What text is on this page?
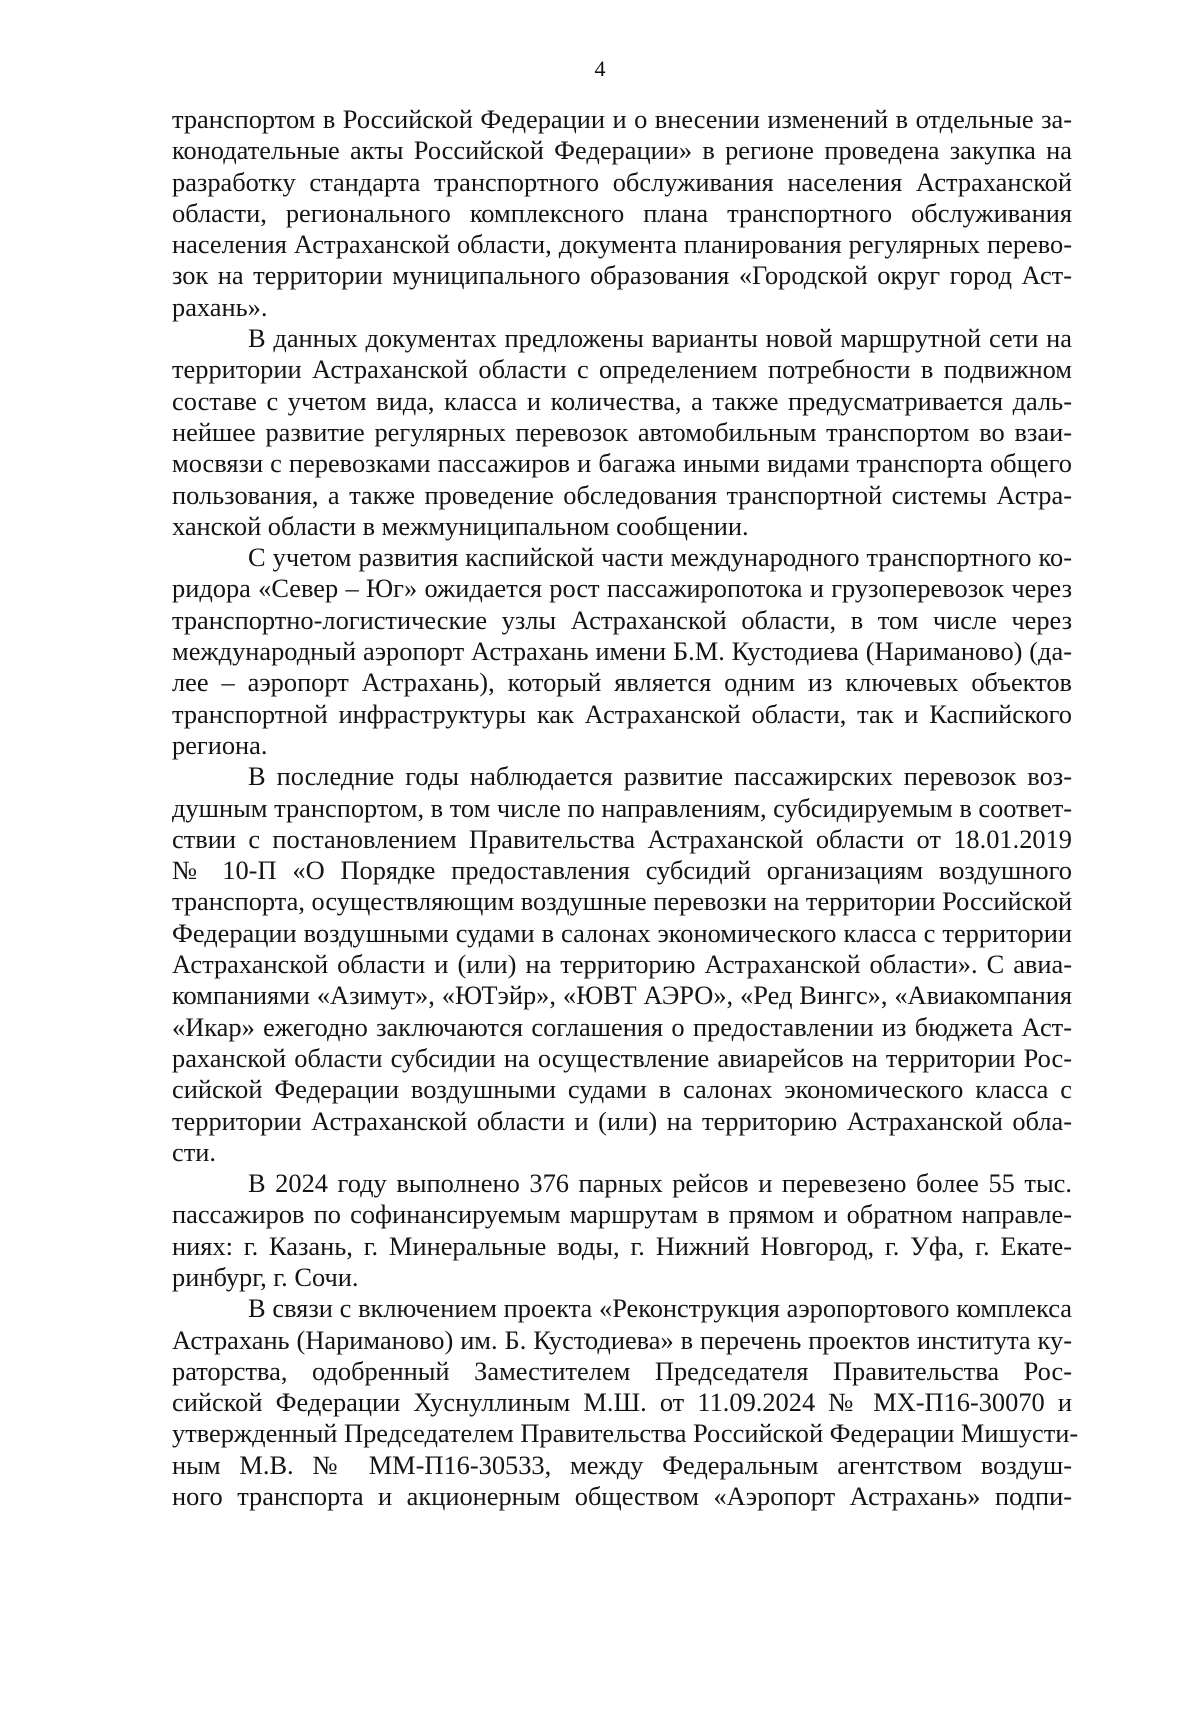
4
транспортом в Российской Федерации и о внесении изменений в отдельные за-
конодательные акты Российской Федерации» в регионе проведена закупка на
разработку стандарта транспортного обслуживания населения Астраханской
области, регионального комплексного плана транспортного обслуживания
населения Астраханской области, документа планирования регулярных перево-
зок на территории муниципального образования «Городской округ город Аст-
рахань».
В данных документах предложены варианты новой маршрутной сети на
территории Астраханской области с определением потребности в подвижном
составе с учетом вида, класса и количества, а также предусматривается даль-
нейшее развитие регулярных перевозок автомобильным транспортом во взаи-
мосвязи с перевозками пассажиров и багажа иными видами транспорта общего
пользования, а также проведение обследования транспортной системы Астра-
ханской области в межмуниципальном сообщении.
С учетом развития каспийской части международного транспортного ко-
ридора «Север – Юг» ожидается рост пассажиропотока и грузоперевозок через
транспортно-логистические узлы Астраханской области, в том числе через
международный аэропорт Астрахань имени Б.М. Кустодиева (Нариманово) (да-
лее – аэропорт Астрахань), который является одним из ключевых объектов
транспортной инфраструктуры как Астраханской области, так и Каспийского
региона.
В последние годы наблюдается развитие пассажирских перевозок воз-
душным транспортом, в том числе по направлениям, субсидируемым в соответ-
ствии с постановлением Правительства Астраханской области от 18.01.2019
№ 10-П «О Порядке предоставления субсидий организациям воздушного
транспорта, осуществляющим воздушные перевозки на территории Российской
Федерации воздушными судами в салонах экономического класса с территории
Астраханской области и (или) на территорию Астраханской области». С авиа-
компаниями «Азимут», «ЮТэйр», «ЮВТ АЭРО», «Ред Вингс», «Авиакомпания
«Икар» ежегодно заключаются соглашения о предоставлении из бюджета Аст-
раханской области субсидии на осуществление авиарейсов на территории Рос-
сийской Федерации воздушными судами в салонах экономического класса с
территории Астраханской области и (или) на территорию Астраханской обла-
сти.
В 2024 году выполнено 376 парных рейсов и перевезено более 55 тыс.
пассажиров по софинансируемым маршрутам в прямом и обратном направле-
ниях: г. Казань, г. Минеральные воды, г. Нижний Новгород, г. Уфа, г. Екате-
ринбург, г. Сочи.
В связи с включением проекта «Реконструкция аэропортового комплекса
Астрахань (Нариманово) им. Б. Кустодиева» в перечень проектов института ку-
раторства, одобренный Заместителем Председателя Правительства Рос-
сийской Федерации Хуснуллиным М.Ш. от 11.09.2024 № МХ-П16-30070 и
утвержденный Председателем Правительства Российской Федерации Мишусти-
ным М.В. № ММ-П16-30533, между Федеральным агентством воздуш-
ного транспорта и акционерным обществом «Аэропорт Астрахань» подпи-
